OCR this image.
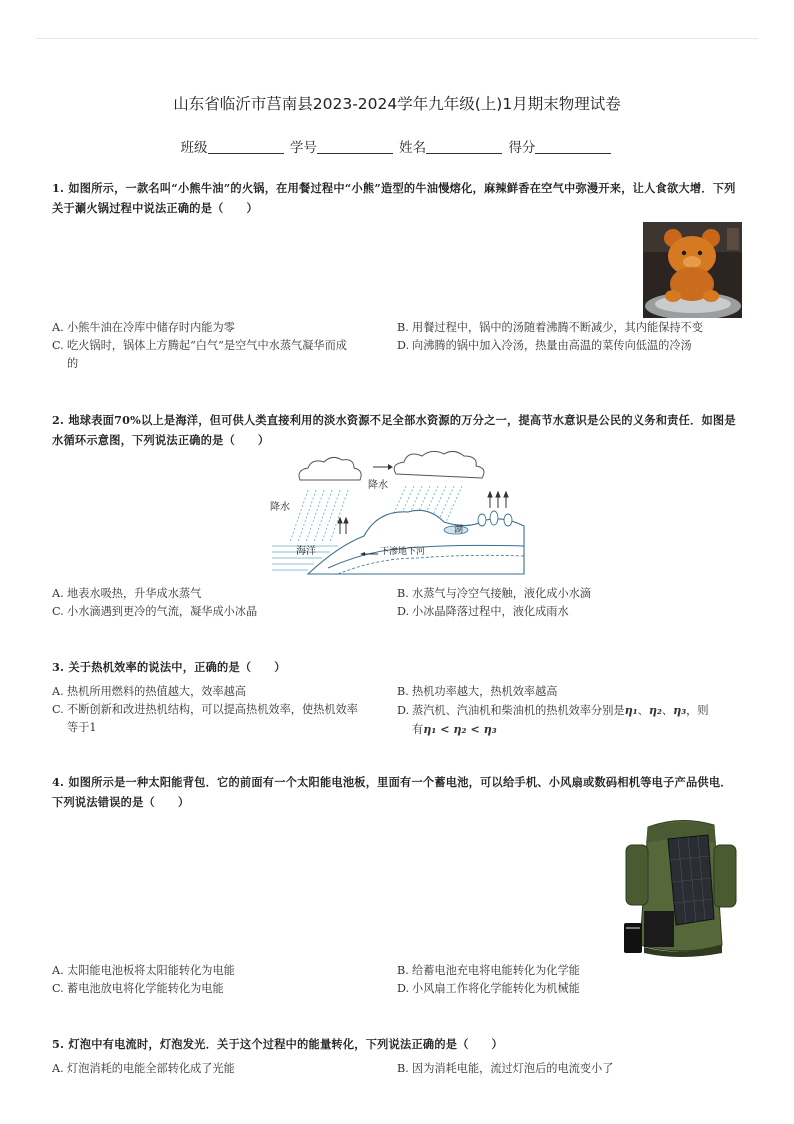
山东省临沂市莒南县2023-2024学年九年级(上)1月期末物理试卷
班级	学号	姓名	得分
1. 如图所示，一款名叫“小熊牛油”的火锅，在用餐过程中“小熊”造型的牛油慢熔化，麻辣鲜香在空气中弥漫开来，让人食欲大增．下列关于涮火锅过程中说法正确的是（　　）
A. 小熊牛油在冷库中储存时内能为零	B. 用餐过程中，锅中的汤随着沸腾不断减少，其内能保持不变
C. 吃火锅时，锅体上方腾起“白气”是空气中水蒸气凝华而成
的
D. 向沸腾的锅中加入冷汤，热量由高温的菜传向低温的冷汤
2. 地球表面70%以上是海洋，但可供人类直接利用的淡水资源不足全部水资源的万分之一，提高节水意识是公民的义务和责任．如图是水循环示意图，下列说法正确的是（　　）
降水
降水
海洋
湖
下渗地下河
A. 地表水吸热，升华成水蒸气	B. 水蒸气与冷空气接触，液化成小水滴
C. 小水滴遇到更冷的气流，凝华成小冰晶	D. 小冰晶降落过程中，液化成雨水
3. 关于热机效率的说法中，正确的是（　　）
A. 热机所用燃料的热值越大，效率越高	B. 热机功率越大，热机效率越高
C. 不断创新和改进热机结构，可以提高热机效率，使热机效率
等于1
D. 蒸汽机、汽油机和柴油机的热机效率分别是η₁、η₂、η₃，则
有η₁ < η₂ < η₃
4. 如图所示是一种太阳能背包．它的前面有一个太阳能电池板，里面有一个蓄电池，可以给手机、小风扇或数码相机等电子产品供电．下列说法错误的是（　　）
A. 太阳能电池板将太阳能转化为电能	B. 给蓄电池充电将电能转化为化学能
C. 蓄电池放电将化学能转化为电能	D. 小风扇工作将化学能转化为机械能
5. 灯泡中有电流时，灯泡发光．关于这个过程中的能量转化，下列说法正确的是（　　）
A. 灯泡消耗的电能全部转化成了光能	B. 因为消耗电能，流过灯泡后的电流变小了
